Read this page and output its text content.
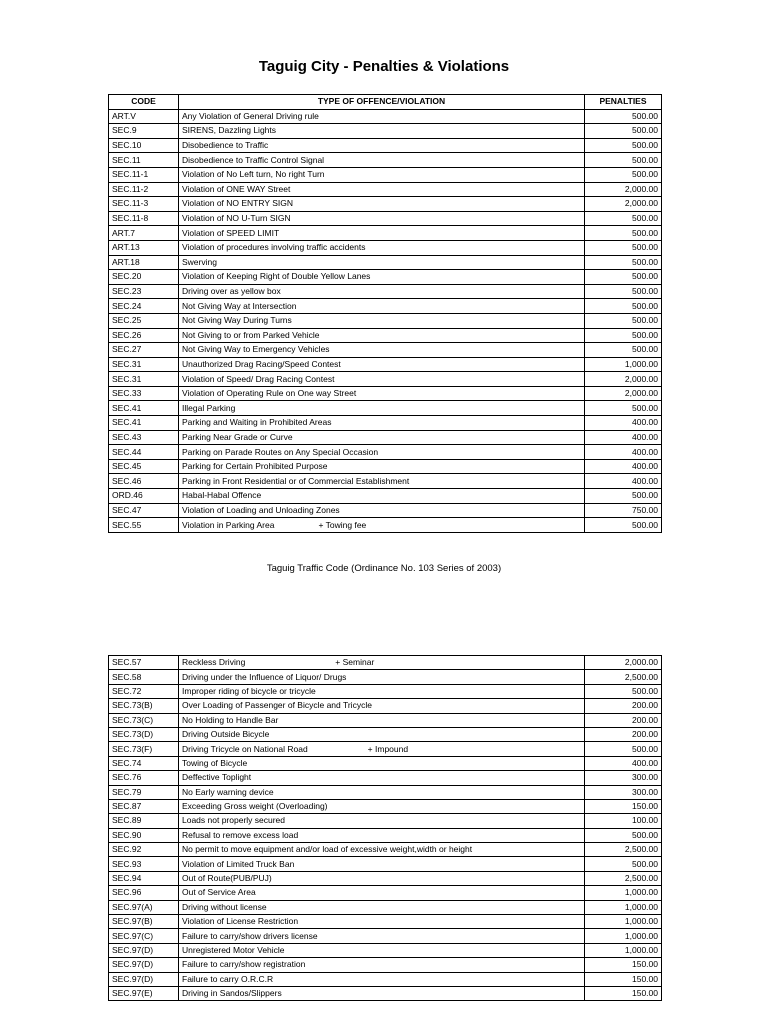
Taguig City - Penalties & Violations
CODE	TYPE OF OFFENCE/VIOLATION	PENALTIES
ART.V	Any Violation of General Driving rule	500.00
SEC.9	SIRENS, Dazzling Lights	500.00
SEC.10	Disobedience to Traffic	500.00
SEC.11	Disobedience to Traffic Control Signal	500.00
SEC.11-1	Violation of No Left turn, No right Turn	500.00
SEC.11-2	Violation of ONE WAY Street	2,000.00
SEC.11-3	Violation of NO ENTRY SIGN	2,000.00
SEC.11-8	Violation of NO U-Turn SIGN	500.00
ART.7	Violation of SPEED LIMIT	500.00
ART.13	Violation of procedures involving traffic accidents	500.00
ART.18	Swerving	500.00
SEC.20	Violation of Keeping Right of Double Yellow Lanes	500.00
SEC.23	Driving over as yellow box	500.00
SEC.24	Not Giving Way at Intersection	500.00
SEC.25	Not Giving Way During Turns	500.00
SEC.26	Not Giving to or from Parked Vehicle	500.00
SEC.27	Not Giving Way to Emergency Vehicles	500.00
SEC.31	Unauthorized Drag Racing/Speed Contest	1,000.00
SEC.31	Violation of Speed/ Drag Racing Contest	2,000.00
SEC.33	Violation of Operating Rule on One way Street	2,000.00
SEC.41	Illegal Parking	500.00
SEC.41	Parking and Waiting in Prohibited Areas	400.00
SEC.43	Parking Near Grade or Curve	400.00
SEC.44	Parking on Parade Routes on Any Special Occasion	400.00
SEC.45	Parking for Certain Prohibited Purpose	400.00
SEC.46	Parking in Front Residential or of Commercial Establishment	400.00
ORD.46	Habal-Habal Offence	500.00
SEC.47	Violation of Loading and Unloading Zones	750.00
SEC.55	Violation in Parking Area + Towing fee	500.00
Taguig Traffic Code (Ordinance No. 103 Series of 2003)
SEC.57	Reckless Driving + Seminar	2,000.00
SEC.58	Driving under the Influence of Liquor/ Drugs	2,500.00
SEC.72	Improper riding of bicycle or tricycle	500.00
SEC.73(B)	Over Loading of Passenger of Bicycle and Tricycle	200.00
SEC.73(C)	No Holding to Handle Bar	200.00
SEC.73(D)	Driving Outside Bicycle	200.00
SEC.73(F)	Driving Tricycle on National Road + Impound	500.00
SEC.74	Towing of Bicycle	400.00
SEC.76	Deffective Toplight	300.00
SEC.79	No Early warning device	300.00
SEC.87	Exceeding Gross weight (Overloading)	150.00
SEC.89	Loads not properly secured	100.00
SEC.90	Refusal to remove excess load	500.00
SEC.92	No permit to move equipment and/or load of excessive weight,width or height	2,500.00
SEC.93	Violation of Limited Truck Ban	500.00
SEC.94	Out of Route(PUB/PUJ)	2,500.00
SEC.96	Out of Service Area	1,000.00
SEC.97(A)	Driving without license	1,000.00
SEC.97(B)	Violation of License Restriction	1,000.00
SEC.97(C)	Failure to carry/show drivers license	1,000.00
SEC.97(D)	Unregistered Motor Vehicle	1,000.00
SEC.97(D)	Failure to carry/show registration	150.00
SEC.97(D)	Failure to carry O.R.C.R	150.00
SEC.97(E)	Driving in Sandos/Slippers	150.00
